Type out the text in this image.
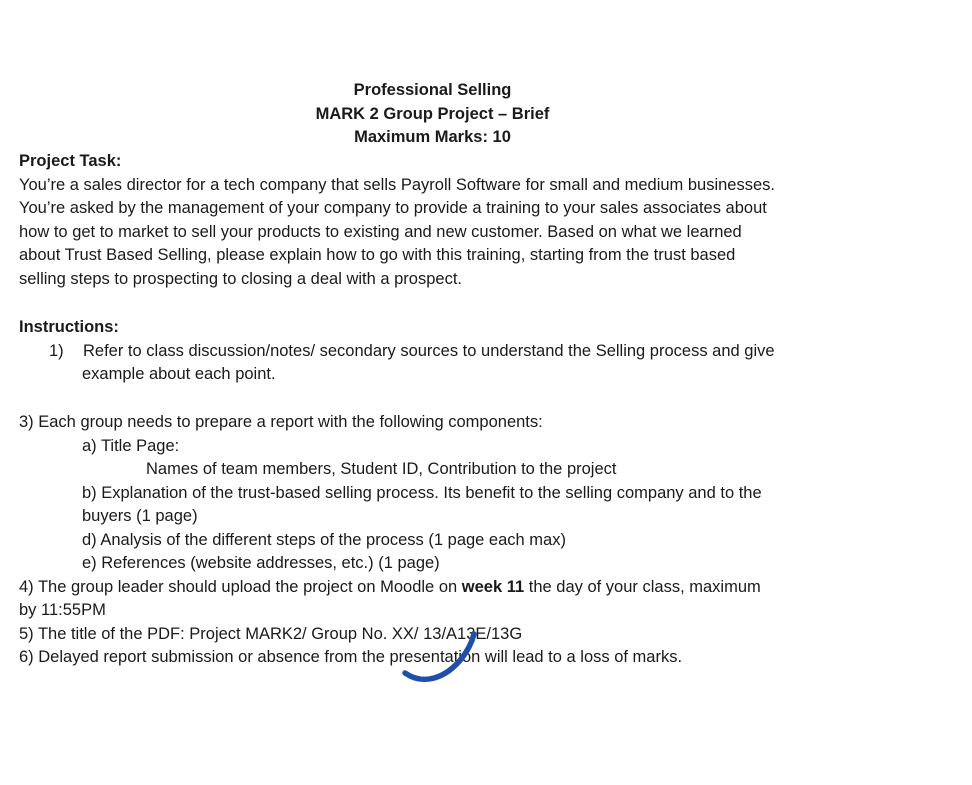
Professional Selling
MARK 2 Group Project – Brief
Maximum Marks: 10
Project Task:
You’re a sales director for a tech company that sells Payroll Software for small and medium businesses.
You’re asked by the management of your company to provide a training to your sales associates about
how to get to market to sell your products to existing and new customer. Based on what we learned
about Trust Based Selling, please explain how to go with this training, starting from the trust based
selling steps to prospecting to closing a deal with a prospect.
Instructions:
1) Refer to class discussion/notes/ secondary sources to understand the Selling process and give
example about each point.
3) Each group needs to prepare a report with the following components:
a) Title Page:
Names of team members, Student ID, Contribution to the project
b) Explanation of the trust-based selling process. Its benefit to the selling company and to the
buyers (1 page)
d) Analysis of the different steps of the process (1 page each max)
e) References (website addresses, etc.) (1 page)
4) The group leader should upload the project on Moodle on week 11 the day of your class, maximum
by 11:55PM
5) The title of the PDF: Project MARK2/ Group No. XX/ 13/A13E/13G
6) Delayed report submission or absence from the presentation will lead to a loss of marks.
